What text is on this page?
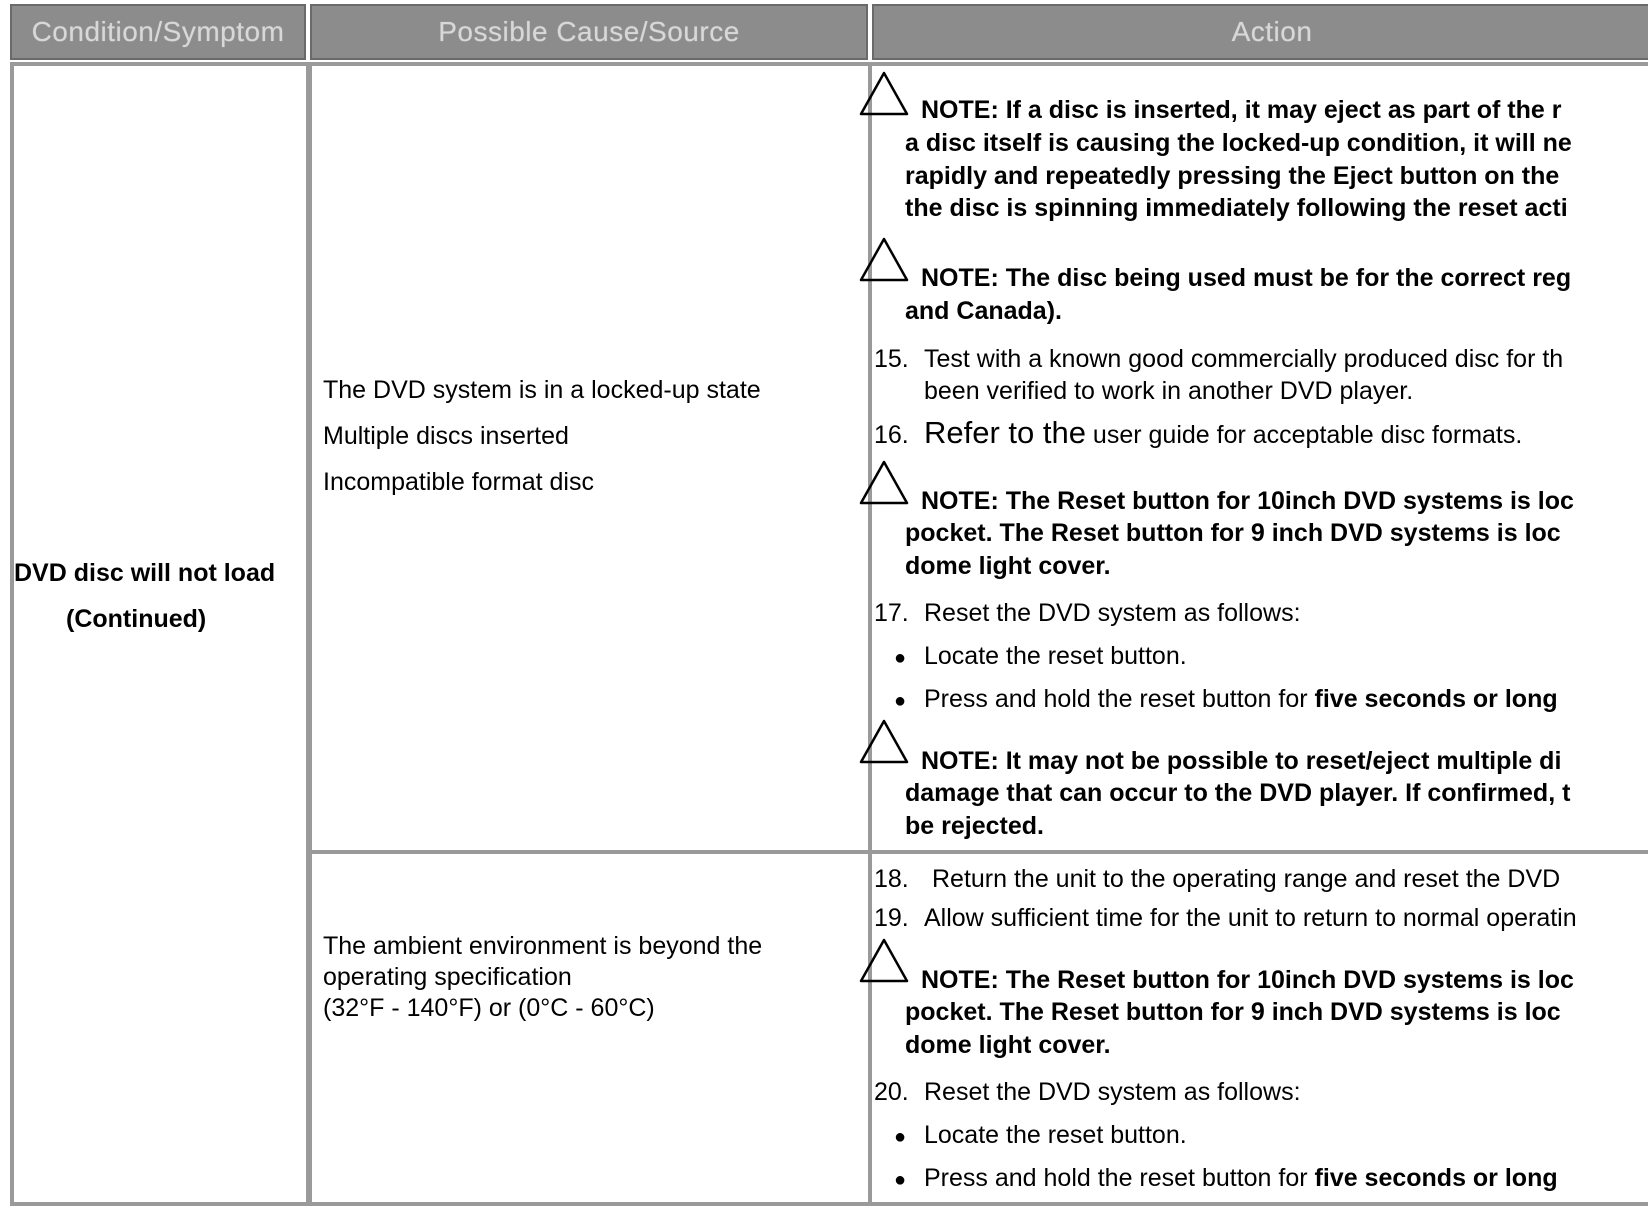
Condition/Symptom	Possible Cause/Source	Action
DVD disc will not load
(Continued)

The DVD system is in a locked-up state

Multiple discs inserted

Incompatible format disc

The ambient environment is beyond the
operating specification
(32°F - 140°F) or (0°C - 60°C)
NOTE: If a disc is inserted, it may eject as part of the r
a disc itself is causing the locked-up condition, it will ne
rapidly and repeatedly pressing the Eject button on the
the disc is spinning immediately following the reset acti
NOTE: The disc being used must be for the correct reg
and Canada).
15. Test with a known good commercially produced disc for th
been verified to work in another DVD player.
16. Refer to the user guide for acceptable disc formats.
NOTE: The Reset button for 10inch DVD systems is loc
pocket. The Reset button for 9 inch DVD systems is loc
dome light cover.
17. Reset the DVD system as follows:
● Locate the reset button.
● Press and hold the reset button for five seconds or long
NOTE: It may not be possible to reset/eject multiple di
damage that can occur to the DVD player. If confirmed, t
be rejected.
18. Return the unit to the operating range and reset the DVD
19. Allow sufficient time for the unit to return to normal operatin
NOTE: The Reset button for 10inch DVD systems is loc
pocket. The Reset button for 9 inch DVD systems is loc
dome light cover.
20. Reset the DVD system as follows:
● Locate the reset button.
● Press and hold the reset button for five seconds or long
